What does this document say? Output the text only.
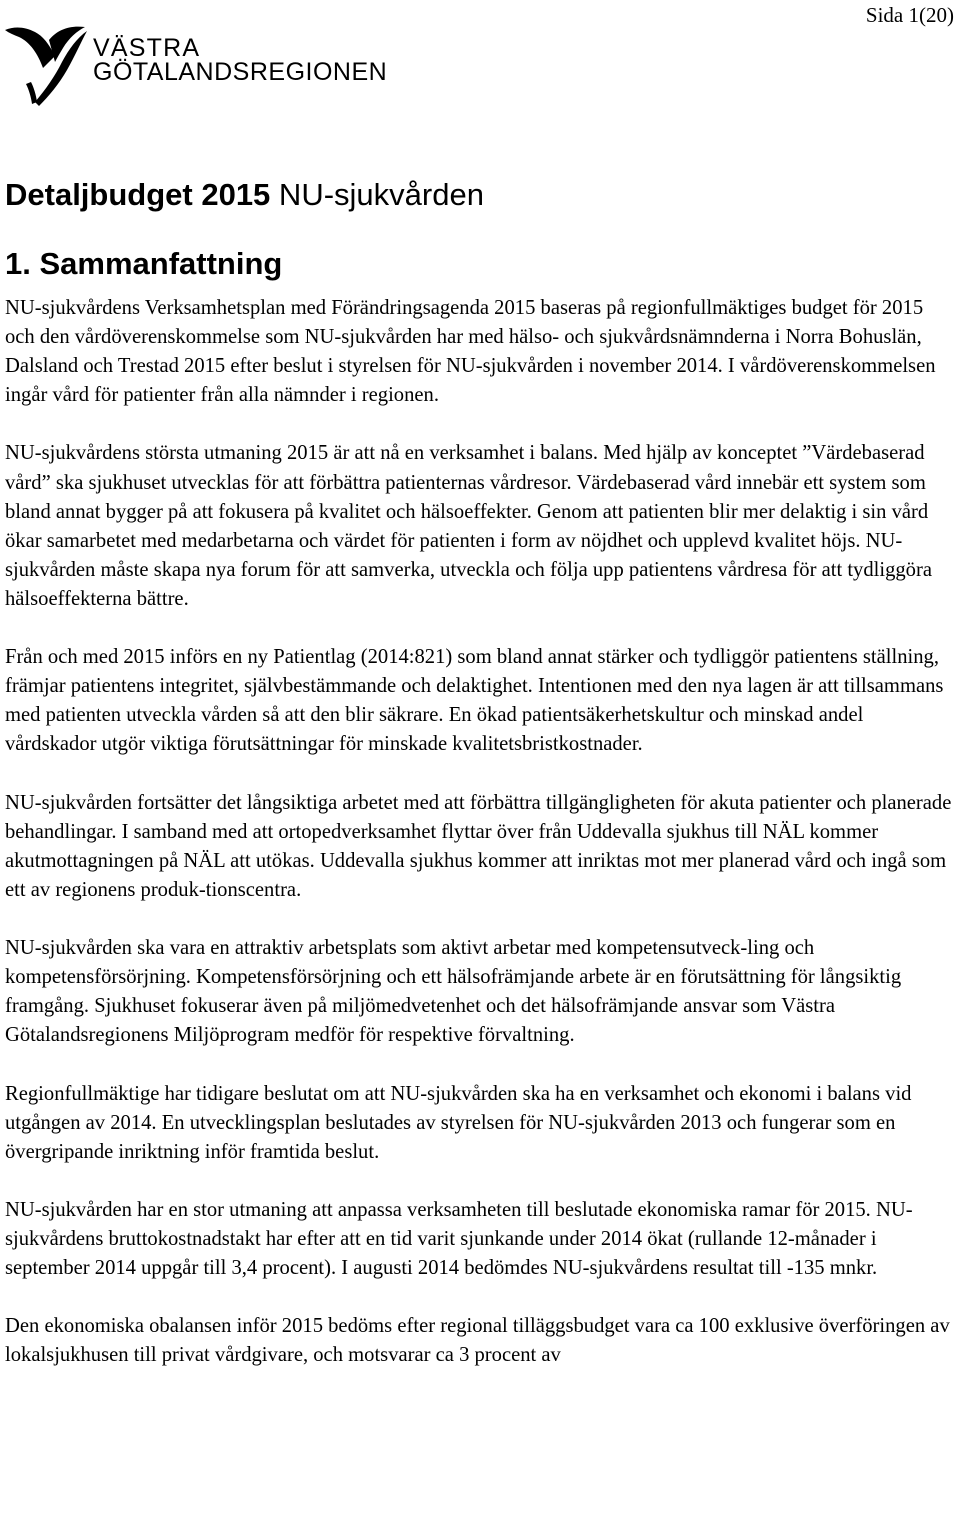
Sida 1(20)
VÄSTRA
GÖTALANDSREGIONEN
Detaljbudget 2015 NU-sjukvården
1. Sammanfattning

NU-sjukvårdens Verksamhetsplan med Förändringsagenda 2015 baseras på regionfullmäktiges budget för 2015 och den vårdöverenskommelse som NU-sjukvården har med hälso- och sjukvårdsnämnderna i Norra Bohuslän, Dalsland och Trestad 2015 efter beslut i styrelsen för NU-sjukvården i november 2014. I vårdöverenskommelsen ingår vård för patienter från alla nämnder i regionen.

NU-sjukvårdens största utmaning 2015 är att nå en verksamhet i balans. Med hjälp av konceptet ”Värdebaserad vård” ska sjukhuset utvecklas för att förbättra patienternas vårdresor. Värdebaserad vård innebär ett system som bland annat bygger på att fokusera på kvalitet och hälsoeffekter. Genom att patienten blir mer delaktig i sin vård ökar samarbetet med medarbetarna och värdet för patienten i form av nöjdhet och upplevd kvalitet höjs. NU-sjukvården måste skapa nya forum för att samverka, utveckla och följa upp patientens vårdresa för att tydliggöra hälsoeffekterna bättre.

Från och med 2015 införs en ny Patientlag (2014:821) som bland annat stärker och tydliggör patientens ställning, främjar patientens integritet, självbestämmande och delaktighet. Intentionen med den nya lagen är att tillsammans med patienten utveckla vården så att den blir säkrare. En ökad patientsäkerhetskultur och minskad andel vårdskador utgör viktiga förutsättningar för minskade kvalitetsbristkostnader.

NU-sjukvården fortsätter det långsiktiga arbetet med att förbättra tillgängligheten för akuta patienter och planerade behandlingar. I samband med att ortopedverksamhet flyttar över från Uddevalla sjukhus till NÄL kommer akutmottagningen på NÄL att utökas. Uddevalla sjukhus kommer att inriktas mot mer planerad vård och ingå som ett av regionens produk-tionscentra.

NU-sjukvården ska vara en attraktiv arbetsplats som aktivt arbetar med kompetensutveck-ling och kompetensförsörjning. Kompetensförsörjning och ett hälsofrämjande arbete är en förutsättning för långsiktig framgång. Sjukhuset fokuserar även på miljömedvetenhet och det hälsofrämjande ansvar som Västra Götalandsregionens Miljöprogram medför för respektive förvaltning.

Regionfullmäktige har tidigare beslutat om att NU-sjukvården ska ha en verksamhet och ekonomi i balans vid utgången av 2014. En utvecklingsplan beslutades av styrelsen för NU-sjukvården 2013 och fungerar som en övergripande inriktning inför framtida beslut.

NU-sjukvården har en stor utmaning att anpassa verksamheten till beslutade ekonomiska ramar för 2015. NU-sjukvårdens bruttokostnadstakt har efter att en tid varit sjunkande under 2014 ökat (rullande 12-månader i september 2014 uppgår till 3,4 procent). I augusti 2014 bedömdes NU-sjukvårdens resultat till -135 mnkr.

Den ekonomiska obalansen inför 2015 bedöms efter regional tilläggsbudget vara ca 100 exklusive överföringen av lokalsjukhusen till privat vårdgivare, och motsvarar ca 3 procent av
